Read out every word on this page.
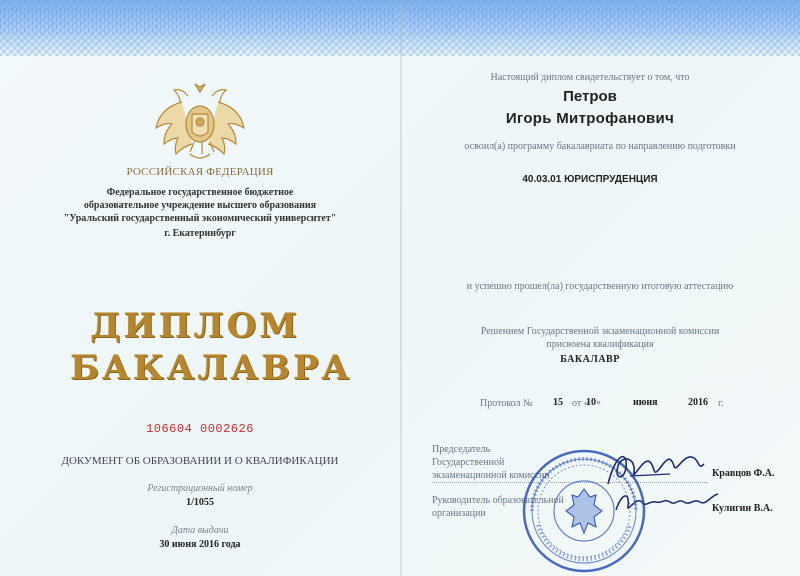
РОССИЙСКАЯ ФЕДЕРАЦИЯ
Федеральное государственное бюджетное
образовательное учреждение высшего образования
"Уральский государственный экономический университет"
г. Екатеринбург
ДИПЛОМ
БАКАЛАВРА
106604 0002626
ДОКУМЕНТ ОБ ОБРАЗОВАНИИ И О КВАЛИФИКАЦИИ
Регистрационный номер
1/1055
Дата выдачи
30 июня 2016 года
Настоящий диплом свидетельствует о том, что
Петров
Игорь Митрофанович
освоил(а) программу бакалавриата по направлению подготовки
40.03.01 ЮРИСПРУДЕНЦИЯ
и успешно прошел(ла) государственную итоговую аттестацию
Решением Государственной экзаменационной комиссии
присвоена квалификация
БАКАЛАВР
Протокол № 15 от «
10»	июня	2016 г.
Председатель
Государственной
экзаменационной комиссии
Руководитель образовательной
организации
Кравцов Ф.А.
Кулигин В.А.
